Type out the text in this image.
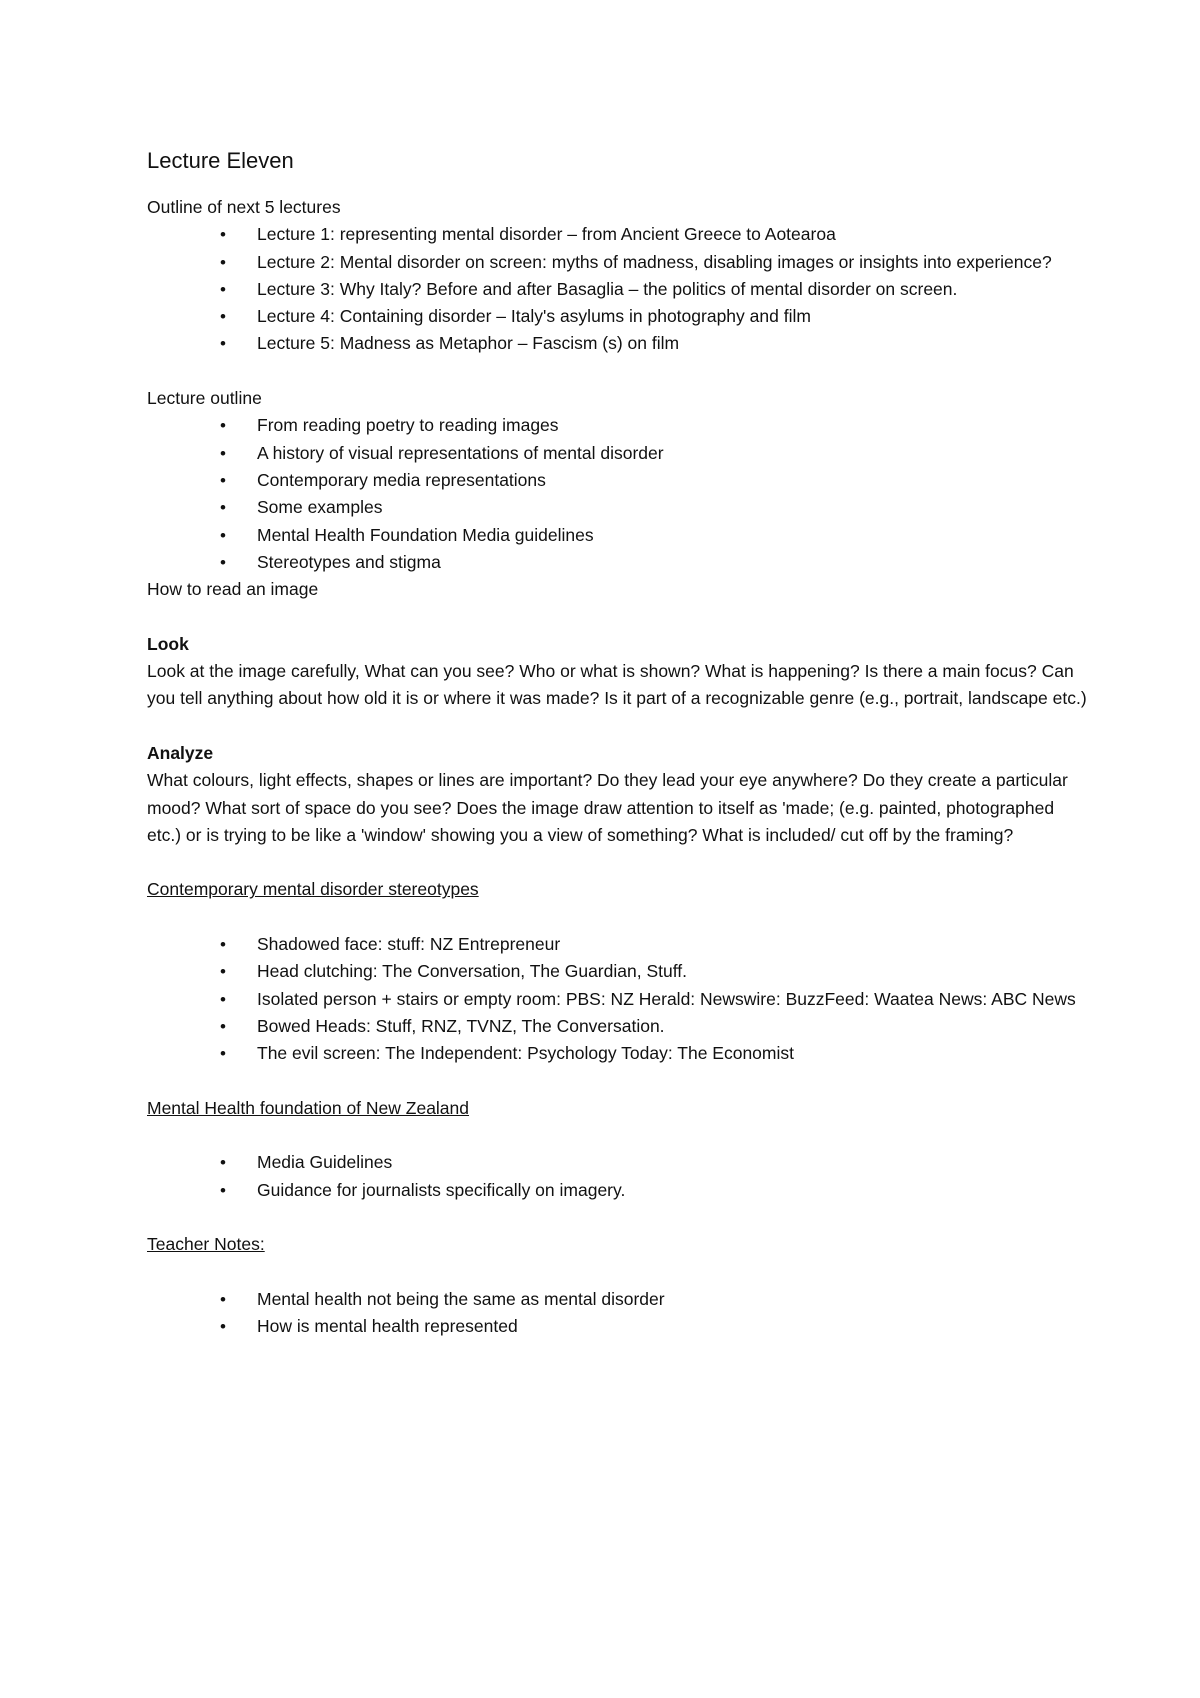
Lecture Eleven

Outline of next 5 lectures

• Lecture 1: representing mental disorder – from Ancient Greece to Aotearoa
• Lecture 2: Mental disorder on screen: myths of madness, disabling images or insights into experience?
• Lecture 3: Why Italy? Before and after Basaglia – the politics of mental disorder on screen.
• Lecture 4: Containing disorder – Italy's asylums in photography and film
• Lecture 5: Madness as Metaphor – Fascism (s) on film

Lecture outline

• From reading poetry to reading images
• A history of visual representations of mental disorder
• Contemporary media representations
• Some examples
• Mental Health Foundation Media guidelines
• Stereotypes and stigma

How to read an image

Look

Look at the image carefully, What can you see? Who or what is shown? What is happening? Is there a main focus? Can you tell anything about how old it is or where it was made? Is it part of a recognizable genre (e.g., portrait, landscape etc.)

Analyze

What colours, light effects, shapes or lines are important? Do they lead your eye anywhere? Do they create a particular mood? What sort of space do you see? Does the image draw attention to itself as 'made; (e.g. painted, photographed etc.) or is trying to be like a 'window' showing you a view of something? What is included/ cut off by the framing?

Contemporary mental disorder stereotypes

• Shadowed face: stuff: NZ Entrepreneur
• Head clutching: The Conversation, The Guardian, Stuff.
• Isolated person + stairs or empty room: PBS: NZ Herald: Newswire: BuzzFeed: Waatea News: ABC News
• Bowed Heads: Stuff, RNZ, TVNZ, The Conversation.
• The evil screen: The Independent: Psychology Today: The Economist

Mental Health foundation of New Zealand

• Media Guidelines
• Guidance for journalists specifically on imagery.

Teacher Notes:

• Mental health not being the same as mental disorder
• How is mental health represented
